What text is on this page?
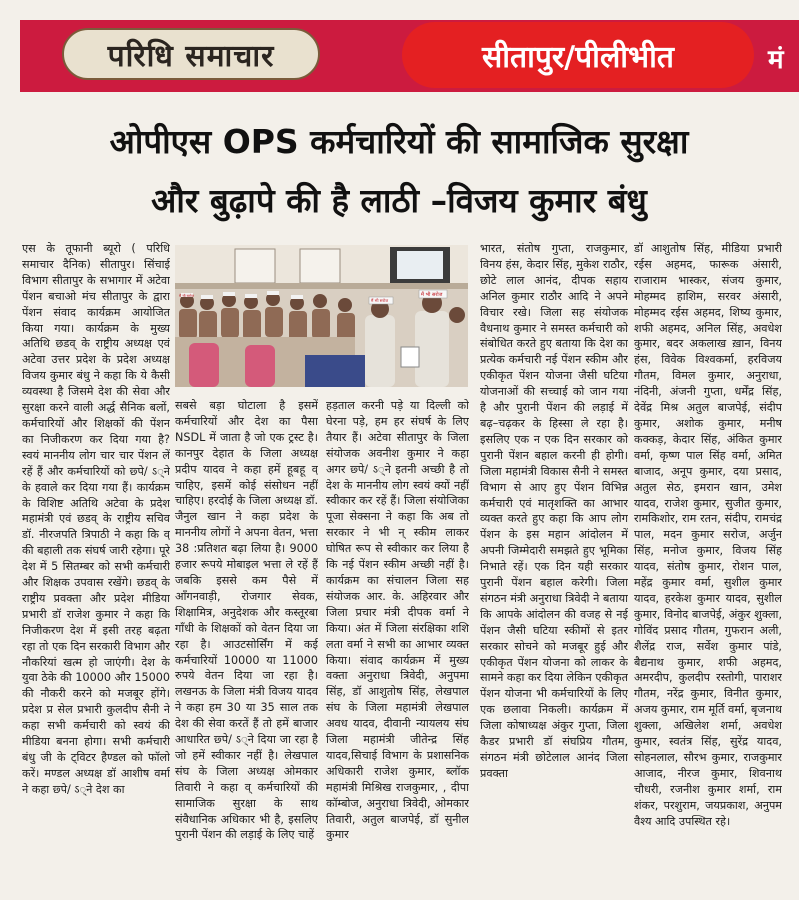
परिधि समाचार	सीतापुर/पीलीभीत	मं
ओपीएस OPS कर्मचारियों की सामाजिक सुरक्षा
और बुढ़ापे की है लाठी –विजय कुमार बंधु
एस के तूफानी ब्यूरो ( परिधि समाचार दैनिक) सीतापुर। सिंचाई विभाग सीतापुर के सभागार में अटेवा पेंशन बचाओ मंच सीतापुर के द्वारा पेंशन संवाद कार्यक्रम आयोजित किया गया। कार्यक्रम के मुख्य अतिथि छडव्‌ के राष्ट्रीय अध्यक्ष एवं अटेवा उत्तर प्रदेश के प्रदेश अध्यक्ष विजय कुमार बंधु ने कहा कि ये कैसी व्यवस्था है जिसमे देश की सेवा और सुरक्षा करने वाली अर्द्ध सैनिक बलों, कर्मचारियों और शिक्षकों की पेंशन का निजीकरण कर दिया गया है? स्वयं माननीय लोग चार चार पेंशन लें रहें हैं और कर्मचारियों को छ्पे/ ऽ्ने के हवाले कर दिया गया हैं। कार्यक्रम के विशिष्ट अतिथि अटेवा के प्रदेश महामंत्री एवं छडव्‌ के राष्ट्रीय सचिव डॉ. नीरजपति त्रिपाठी ने कहा कि व्‌ की बहाली तक संघर्ष जारी रहेगा। पूरे देश में 5 सितम्बर को सभी कर्मचारी और शिक्षक उपवास रखेंगे। छडव्‌ के राष्ट्रीय प्रवक्ता और प्रदेश मीडिया प्रभारी डॉ राजेश कुमार ने कहा कि निजीकरण देश में इसी तरह बढ़ता रहा तो एक दिन सरकारी विभाग और नौकरियां खत्म हो जाएंगी। देश के युवा ठेके की 10000 और 15000 की नौकरी करने को मजबूर होंगे। प्रदेश प्र सेल प्रभारी कुलदीप सैनी ने कहा सभी कर्मचारी को स्वयं की मीडिया बनना होगा। सभी कर्मचारी बंधु जी के ट्विटर हैण्डल को फॉलो करें। मण्डल अध्यक्ष डॉ आशीष वर्मा ने कहा छ्पे/ ऽ्ने देश का
सबसे बड़ा घोटाला है इसमें कर्मचारियों और देश का पैसा NSDL में जाता है जो एक ट्रस्ट है। कानपुर देहात के जिला अध्यक्ष प्रदीप यादव ने कहा हमें हूबहू व्‌ चाहिए, इसमें कोई संसोधन नहीं चाहिए। हरदोई के जिला अध्यक्ष डॉ. जैनुल खान ने कहा प्रदेश के माननीय लोगों ने अपना वेतन, भत्ता 38 :प्रतिशत बढ़ा लिया है। 9000 हजार रूपये मोबाइल भत्ता ले रहें हैं जबकि इससे कम पैसे में आँगनवाड़ी, रोजगार सेवक, शिक्षामित्र, अनुदेशक और कस्तूरबा गाँधी के शिक्षकों को वेतन दिया जा रहा है। आउटसोर्सिंग में कई कर्मचारियों 10000 या 11000 रुपये वेतन दिया जा रहा है। लखनऊ के जिला मंत्री विजय यादव ने कहा हम 30 या 35 साल तक देश की सेवा करतें हैं तो हमें बाजार आधारित छ्पे/ ऽ्ने दिया जा रहा है जो हमें स्वीकार नहीं है। लेखपाल संघ के जिला अध्यक्ष ओमकार तिवारी ने कहा व्‌ कर्मचारियों की सामाजिक सुरक्षा के साथ संवैधानिक अधिकार भी है, इसलिए पुरानी पेंशन की लड़ाई के लिए चाहें
हड़ताल करनी पड़े या दिल्ली को घेरना पड़े, हम हर संघर्ष के लिए तैयार हैं। अटेवा सीतापुर के जिला संयोजक अवनीश कुमार ने कहा अगर छ्पे/ ऽ्ने इतनी अच्छी है तो देश के माननीय लोग स्वयं क्यों नहीं स्वीकार कर रहें हैं। जिला संयोजिका पूजा सेक्सना ने कहा कि अब तो सरकार ने भी न्‌ स्कीम लाकर घोषित रूप से स्वीकार कर लिया है कि नई पेंशन स्कीम अच्छी नहीं है। कार्यक्रम का संचालन जिला सह संयोजक आर. के. अहिरवार और जिला प्रचार मंत्री दीपक वर्मा ने किया। अंत में जिला संरक्षिका शशि लता वर्मा ने सभी का आभार व्यक्त किया। संवाद कार्यक्रम में मुख्य वक्ता अनुराधा त्रिवेदी, अनुपमा सिंह, डॉ आशुतोष सिंह, लेखपाल संघ के जिला महामंत्री लेखपाल अवध यादव, दीवानी न्यायलय संघ जिला महामंत्री जीतेन्द्र सिंह यादव,सिचाई विभाग के प्रशासनिक अधिकारी राजेश कुमार, ब्लॉक महामंत्री मिश्रिख राजकुमार, , दीपा कॉम्बोज, अनुराधा त्रिवेदी, ओमकार तिवारी, अतुल बाजपेई, डॉ सुनील कुमार
भारत, संतोष गुप्ता, राजकुमार, विनय हंस, केदार सिंह, मुकेश राठौर, छोटे लाल आनंद, दीपक सहाय अनिल कुमार राठौर आदि ने अपने विचार रखे। जिला सह संयोजक वैधनाथ कुमार ने समस्त कर्मचारी को संबोधित करते हुए बताया कि देश का प्रत्येक कर्मचारी नई पेंशन स्कीम और एकीकृत पेंशन योजना जैसी घटिया योजनाओं की सच्चाई को जान गया है और पुरानी पेंशन की लड़ाई में बढ़–चढ़कर के हिस्सा ले रहा है। इसलिए एक न एक दिन सरकार को पुरानी पेंशन बहाल करनी ही होगी। जिला महामंत्री विकास सैनी ने समस्त विभाग से आए हुए पेंशन विभिन्न कर्मचारी एवं मातृशक्ति का आभार व्यक्त करते हुए कहा कि आप लोग पेंशन के इस महान आंदोलन में अपनी जिम्मेदारी समझते हुए भूमिका निभाते रहें। एक दिन यही सरकार पुरानी पेंशन बहाल करेगी। जिला संगठन मंत्री अनुराधा त्रिवेदी ने बताया कि आपके आंदोलन की वजह से नई पेंशन जैसी घटिया स्कीमों से इतर सरकार सोचने को मजबूर हुई और एकीकृत पेंशन योजना को लाकर के सामने कहा कर दिया लेकिन एकीकृत पेंशन योजना भी कर्मचारियों के लिए एक छलावा निकली। कार्यक्रम में जिला कोषाध्यक्ष अंकुर गुप्ता, जिला कैडर प्रभारी डॉ संघप्रिय गौतम, संगठन मंत्री छोटेलाल आनंद जिला प्रवक्ता
डॉ आशुतोष सिंह, मीडिया प्रभारी रईस अहमद, फारूक अंसारी, राजाराम भास्कर, संजय कुमार, मोहम्मद हाशिम, सरवर अंसारी, मोहम्मद रईस अहमद, शिष्य कुमार, शफी अहमद, अनिल सिंह, अवधेश कुमार, बदर अकलाख ख़ान, विनय हंस, विवेक विश्वकर्मा, हरविजय गौतम, विमल कुमार, अनुराधा, नंदिनी, अंजनी गुप्ता, धर्मेंद्र सिंह, देवेंद्र मिश्र अतुल बाजपेई, संदीप कुमार, अशोक कुमार, मनीष कक्कड़, केदार सिंह, अंकित कुमार वर्मा, कृष्ण पाल सिंह वर्मा, अमित बाजाद, अनूप कुमार, दया प्रसाद, अतुल सेठ, इमरान खान, उमेश यादव, राजेश कुमार, सुजीत कुमार, रामकिशोर, राम रतन, संदीप, रामचंद्र पाल, मदन कुमार सरोज, अर्जुन सिंह, मनोज कुमार, विजय सिंह यादव, संतोष कुमार, रोशन पाल, महेंद्र कुमार वर्मा, सुशील कुमार यादव, हरकेश कुमार यादव, सुशील कुमार, विनोद बाजपेई, अंकुर शुक्ला, गोविंद प्रसाद गौतम, गुफरान अली, शैलेंद्र राज, सर्वेश कुमार पांडे, बैद्यनाथ कुमार, शफी अहमद, अमरदीप, कुलदीप रस्तोगी, पाराशर गौतम, नरेंद्र कुमार, विनीत कुमार, अजय कुमार, राम मूर्ति वर्मा, बृजनाथ शुक्ला, अखिलेश शर्मा, अवधेश कुमार, स्वतंत्र सिंह, सुरेंद्र यादव, सोहनलाल, सौरभ कुमार, राजकुमार आजाद, नीरज कुमार, शिवनाथ चौधरी, रजनीश कुमार शर्मा, राम शंकर, परशुराम, जयप्रकाश, अनुपम वैश्य आदि उपस्थित रहे।
मैं भी सरोज
मैं भी सरोज
मैं भी सरोज
